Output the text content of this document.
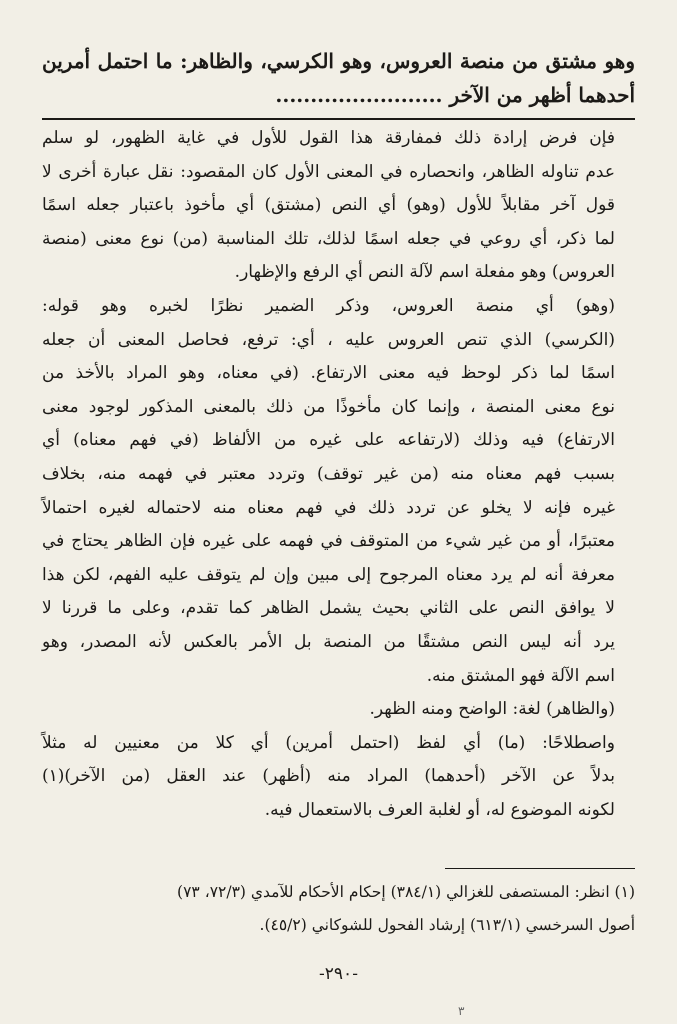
وهو مشتق من منصة العروس، وهو الكرسي، والظاهر: ما احتمل أمرين
أحدهما أظهر من الآخر ........................

فإن فرض إرادة ذلك فمفارقة هذا القول للأول في غاية الظهور، لو سلم
عدم تناوله الظاهر، وانحصاره في المعنى الأول كان المقصود: نقل عبارة أخرى لا
قول آخر مقابلاً للأول (وهو) أي النص (مشتق) أي مأخوذ باعتبار جعله اسمًا
لما ذكر، أي روعي في جعله اسمًا لذلك، تلك المناسبة (من) نوع معنى (منصة
العروس) وهو مفعلة اسم لآلة النص أي الرفع والإظهار.

(وهو) أي منصة العروس، وذكر الضمير نظرًا لخبره وهو قوله:
(الكرسي) الذي تنص العروس عليه ، أي: ترفع، فحاصل المعنى أن جعله
اسمًا لما ذكر لوحظ فيه معنى الارتفاع. (في معناه، وهو المراد بالأخذ من
نوع معنى المنصة ، وإنما كان مأخوذًا من ذلك بالمعنى المذكور لوجود معنى
الارتفاع) فيه وذلك (لارتفاعه على غيره من الألفاظ (في فهم معناه) أي
بسبب فهم معناه منه (من غير توقف) وتردد معتبر في فهمه منه، بخلاف
غيره فإنه لا يخلو عن تردد ذلك في فهم معناه منه لاحتماله لغيره احتمالاً
معتبرًا، أو من غير شيء من المتوقف في فهمه على غيره فإن الظاهر يحتاج في
معرفة أنه لم يرد معناه المرجوح إلى مبين وإن لم يتوقف عليه الفهم، لكن هذا
لا يوافق النص على الثاني بحيث يشمل الظاهر كما تقدم، وعلى ما قررنا لا
يرد أنه ليس النص مشتقًا من المنصة بل الأمر بالعكس لأنه المصدر، وهو
اسم الآلة فهو المشتق منه.

(والظاهر) لغة: الواضح ومنه الظهر.

واصطلاحًا: (ما) أي لفظ (احتمل أمرين) أي كلا من معنيين له مثلاً
بدلاً عن الآخر (أحدهما) المراد منه (أظهر) عند العقل (من الآخر)(١)
لكونه الموضوع له، أو لغلبة العرف بالاستعمال فيه.

(١) انظر: المستصفى للغزالي (٣٨٤/١) إحكام الأحكام للآمدي (٧٢/٣، ٧٣)
أصول السرخسي (٦١٣/١) إرشاد الفحول للشوكاني (٤٥/٢).
-٢٩٠-
٣
